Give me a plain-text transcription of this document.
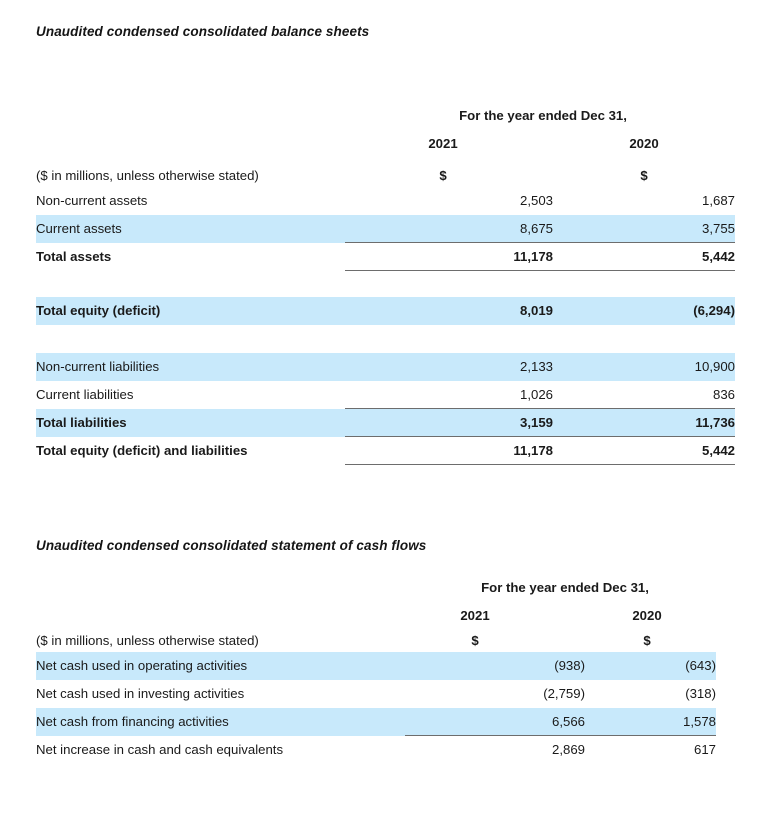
Unaudited condensed consolidated balance sheets
For the year ended Dec 31,
2021	2020
($ in millions, unless otherwise stated)	$	$
Non-current assets	2,503	1,687
Current assets	8,675	3,755
Total assets	11,178	5,442
Total equity (deficit)	8,019	(6,294)
Non-current liabilities	2,133	10,900
Current liabilities	1,026	836
Total liabilities	3,159	11,736
Total equity (deficit) and liabilities	11,178	5,442
Unaudited condensed consolidated statement of cash flows
For the year ended Dec 31,
2021	2020
($ in millions, unless otherwise stated)	$	$
Net cash used in operating activities	(938)	(643)
Net cash used in investing activities	(2,759)	(318)
Net cash from financing activities	6,566	1,578
Net increase in cash and cash equivalents	2,869	617
